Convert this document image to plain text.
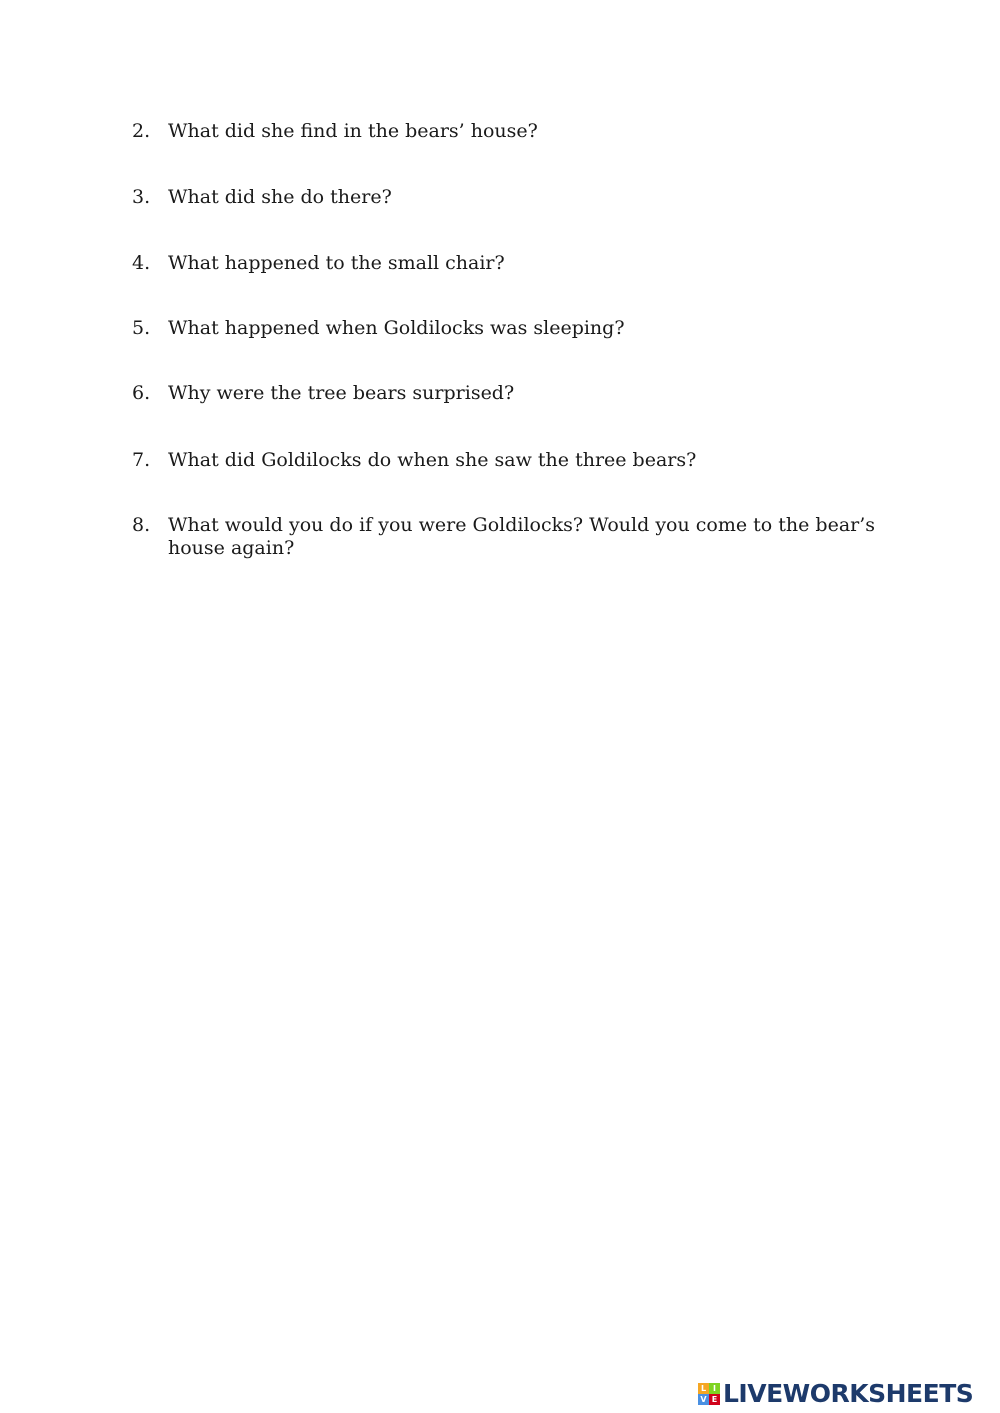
2. What did she find in the bears’ house?
3. What did she do there?
4. What happened to the small chair?
5. What happened when Goldilocks was sleeping?
6. Why were the tree bears surprised?
7. What did Goldilocks do when she saw the three bears?
8. What would you do if you were Goldilocks? Would you come to the bear’s house again?
L I
V E LIVEWORKSHEETS
